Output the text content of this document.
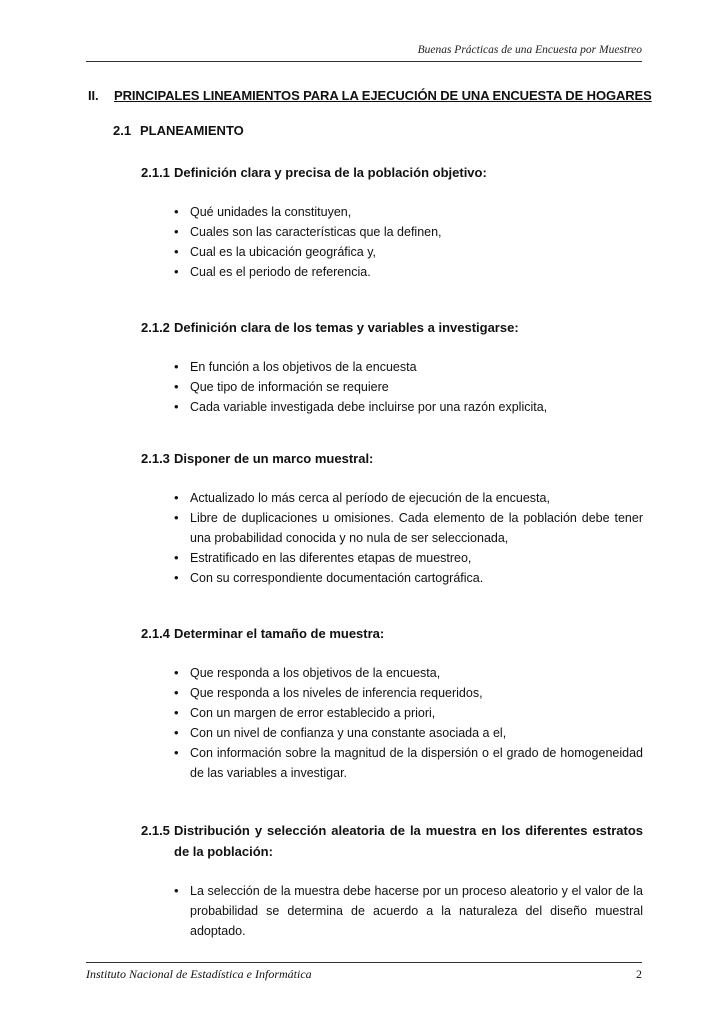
Buenas Prácticas de una Encuesta por Muestreo
II. PRINCIPALES LINEAMIENTOS PARA LA EJECUCIÓN DE UNA ENCUESTA DE HOGARES
2.1 PLANEAMIENTO
2.1.1 Definición clara y precisa de la población objetivo:
• Qué unidades la constituyen,
• Cuales son las características que la definen,
• Cual es la ubicación geográfica y,
• Cual es el periodo de referencia.
2.1.2 Definición clara de los temas y variables a investigarse:
• En función a los objetivos de la encuesta
• Que tipo de información se requiere
• Cada variable investigada debe incluirse por una razón explicita,
2.1.3 Disponer de un marco muestral:
• Actualizado lo más cerca al período de ejecución de la encuesta,
• Libre de duplicaciones u omisiones. Cada elemento de la población debe tener una probabilidad conocida y no nula de ser seleccionada,
• Estratificado en las diferentes etapas de muestreo,
• Con su correspondiente documentación cartográfica.
2.1.4 Determinar el tamaño de muestra:
• Que responda a los objetivos de la encuesta,
• Que responda a los niveles de inferencia requeridos,
• Con un margen de error establecido a priori,
• Con un nivel de confianza y una constante asociada a el,
• Con información sobre la magnitud de la dispersión o el grado de homogeneidad de las variables a investigar.
2.1.5 Distribución y selección aleatoria de la muestra en los diferentes estratos de la población:
• La selección de la muestra debe hacerse por un proceso aleatorio y el valor de la probabilidad se determina de acuerdo a la naturaleza del diseño muestral adoptado.
Instituto Nacional de Estadística e Informática	2
